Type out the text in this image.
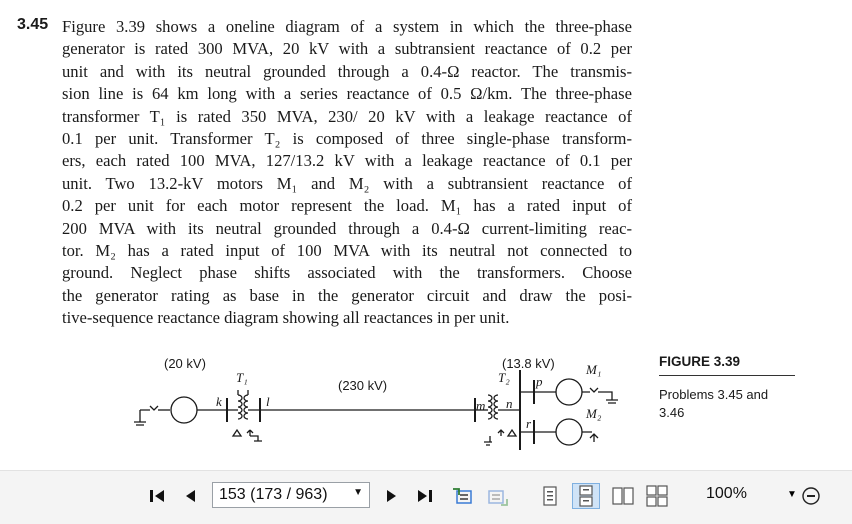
3.45 Figure 3.39 shows a oneline diagram of a system in which the three-phase
generator is rated 300 MVA, 20 kV with a subtransient reactance of 0.2 per
unit and with its neutral grounded through a 0.4-Ω reactor. The transmis-
sion line is 64 km long with a series reactance of 0.5 Ω/km. The three-phase
transformer T₁ is rated 350 MVA, 230/ 20 kV with a leakage reactance of
0.1 per unit. Transformer T₂ is composed of three single-phase transform-
ers, each rated 100 MVA, 127/13.2 kV with a leakage reactance of 0.1 per
unit. Two 13.2-kV motors M₁ and M₂ with a subtransient reactance of
0.2 per unit for each motor represent the load. M₁ has a rated input of
200 MVA with its neutral grounded through a 0.4-Ω current-limiting reac-
tor. M₂ has a rated input of 100 MVA with its neutral not connected to
ground. Neglect phase shifts associated with the transformers. Choose
the generator rating as base in the generator circuit and draw the posi-
tive-sequence reactance diagram showing all reactances in per unit.
(20 kV)
(230 kV)
(13.8 kV)
T₁	T₂
k	l	m n
p
r
M₁
M₂
FIGURE 3.39
Problems 3.45 and 3.46
153 (173 / 963)	▼	100%	▼
